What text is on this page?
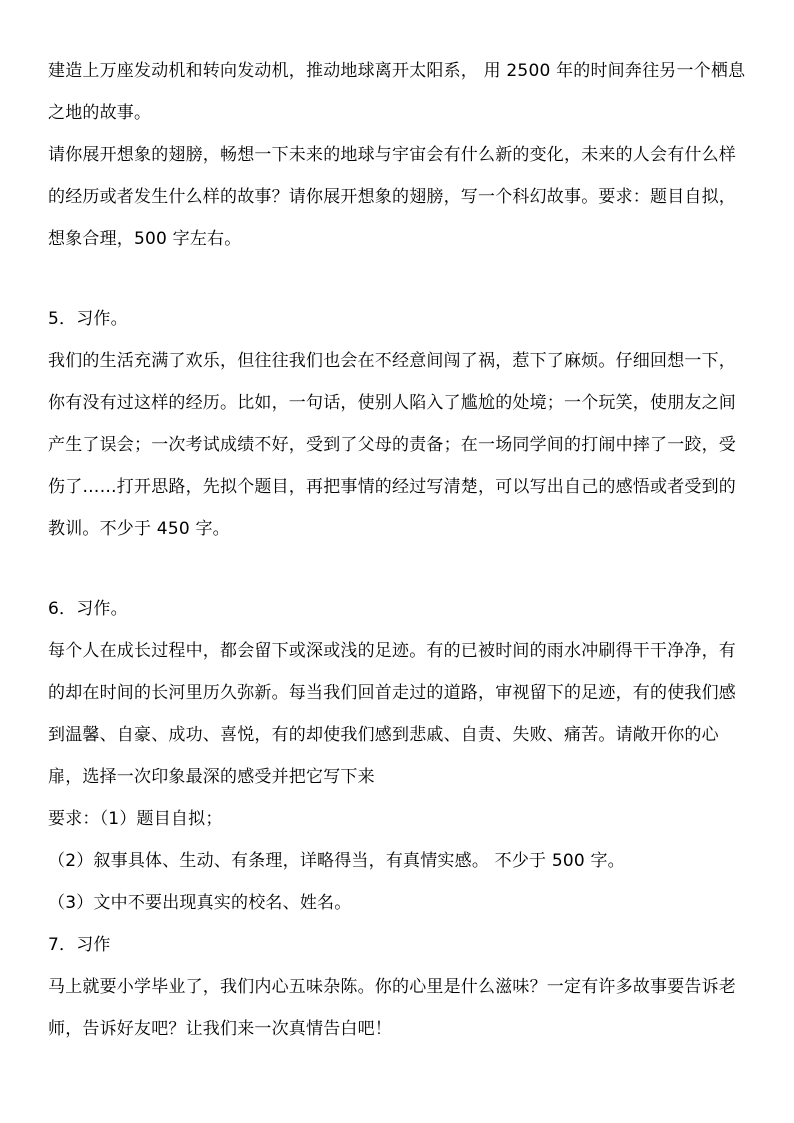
建造上万座发动机和转向发动机，推动地球离开太阳系， 用 2500 年的时间奔往另一个栖息
之地的故事。
请你展开想象的翅膀，畅想一下未来的地球与宇宙会有什么新的变化，未来的人会有什么样
的经历或者发生什么样的故事？请你展开想象的翅膀，写一个科幻故事。要求：题目自拟，
想象合理，500 字左右。
5．习作。
我们的生活充满了欢乐，但往往我们也会在不经意间闯了祸，惹下了麻烦。仔细回想一下，
你有没有过这样的经历。比如，一句话，使别人陷入了尴尬的处境；一个玩笑，使朋友之间
产生了误会；一次考试成绩不好，受到了父母的责备；在一场同学间的打闹中摔了一跤，受
伤了……打开思路，先拟个题目，再把事情的经过写清楚，可以写出自己的感悟或者受到的
教训。不少于 450 字。
6．习作。
每个人在成长过程中，都会留下或深或浅的足迹。有的已被时间的雨水冲刷得干干净净，有
的却在时间的长河里历久弥新。每当我们回首走过的道路，审视留下的足迹，有的使我们感
到温馨、自豪、成功、喜悦，有的却使我们感到悲戚、自责、失败、痛苦。请敞开你的心
扉，选择一次印象最深的感受并把它写下来
要求：（1）题目自拟；
（2）叙事具体、生动、有条理，详略得当，有真情实感。 不少于 500 字。
（3）文中不要出现真实的校名、姓名。
7．习作
马上就要小学毕业了，我们内心五味杂陈。你的心里是什么滋味？一定有许多故事要告诉老
师，告诉好友吧？让我们来一次真情告白吧！
